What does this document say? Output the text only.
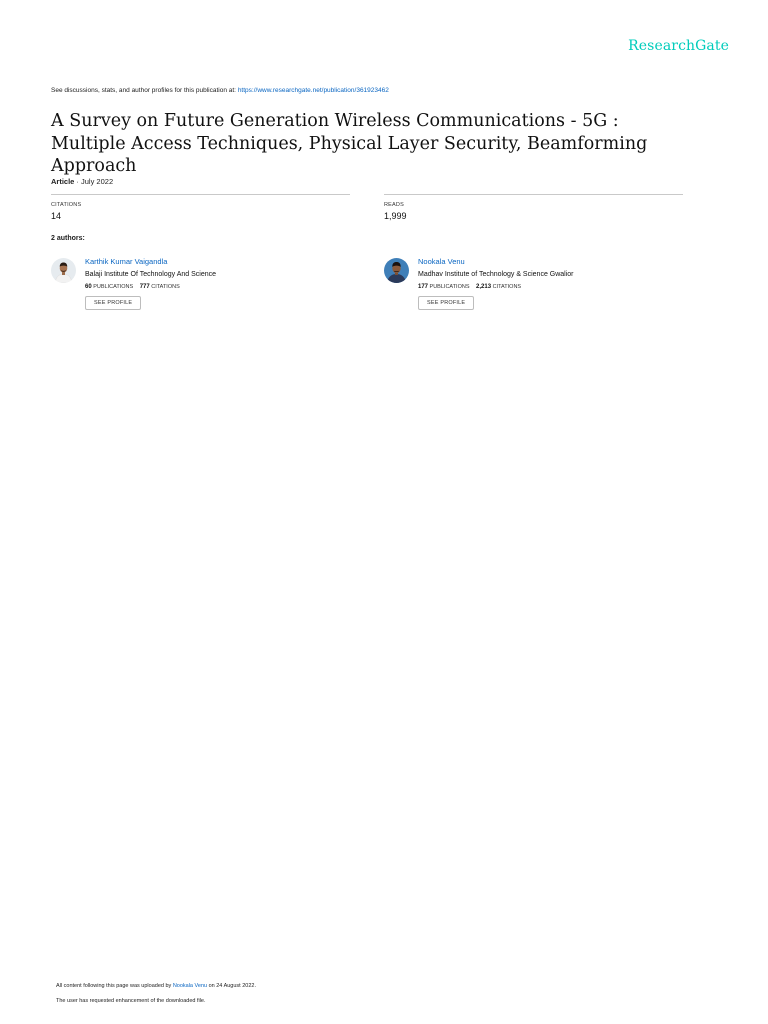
ResearchGate
See discussions, stats, and author profiles for this publication at: https://www.researchgate.net/publication/361923462
A Survey on Future Generation Wireless Communications - 5G : Multiple Access Techniques, Physical Layer Security, Beamforming Approach
Article · July 2022
CITATIONS
14
READS
1,999
2 authors:
Karthik Kumar Vaigandla
Balaji Institute Of Technology And Science
60 PUBLICATIONS 777 CITATIONS
SEE PROFILE
Nookala Venu
Madhav Institute of Technology & Science Gwalior
177 PUBLICATIONS 2,213 CITATIONS
SEE PROFILE
All content following this page was uploaded by Nookala Venu on 24 August 2022.
The user has requested enhancement of the downloaded file.
